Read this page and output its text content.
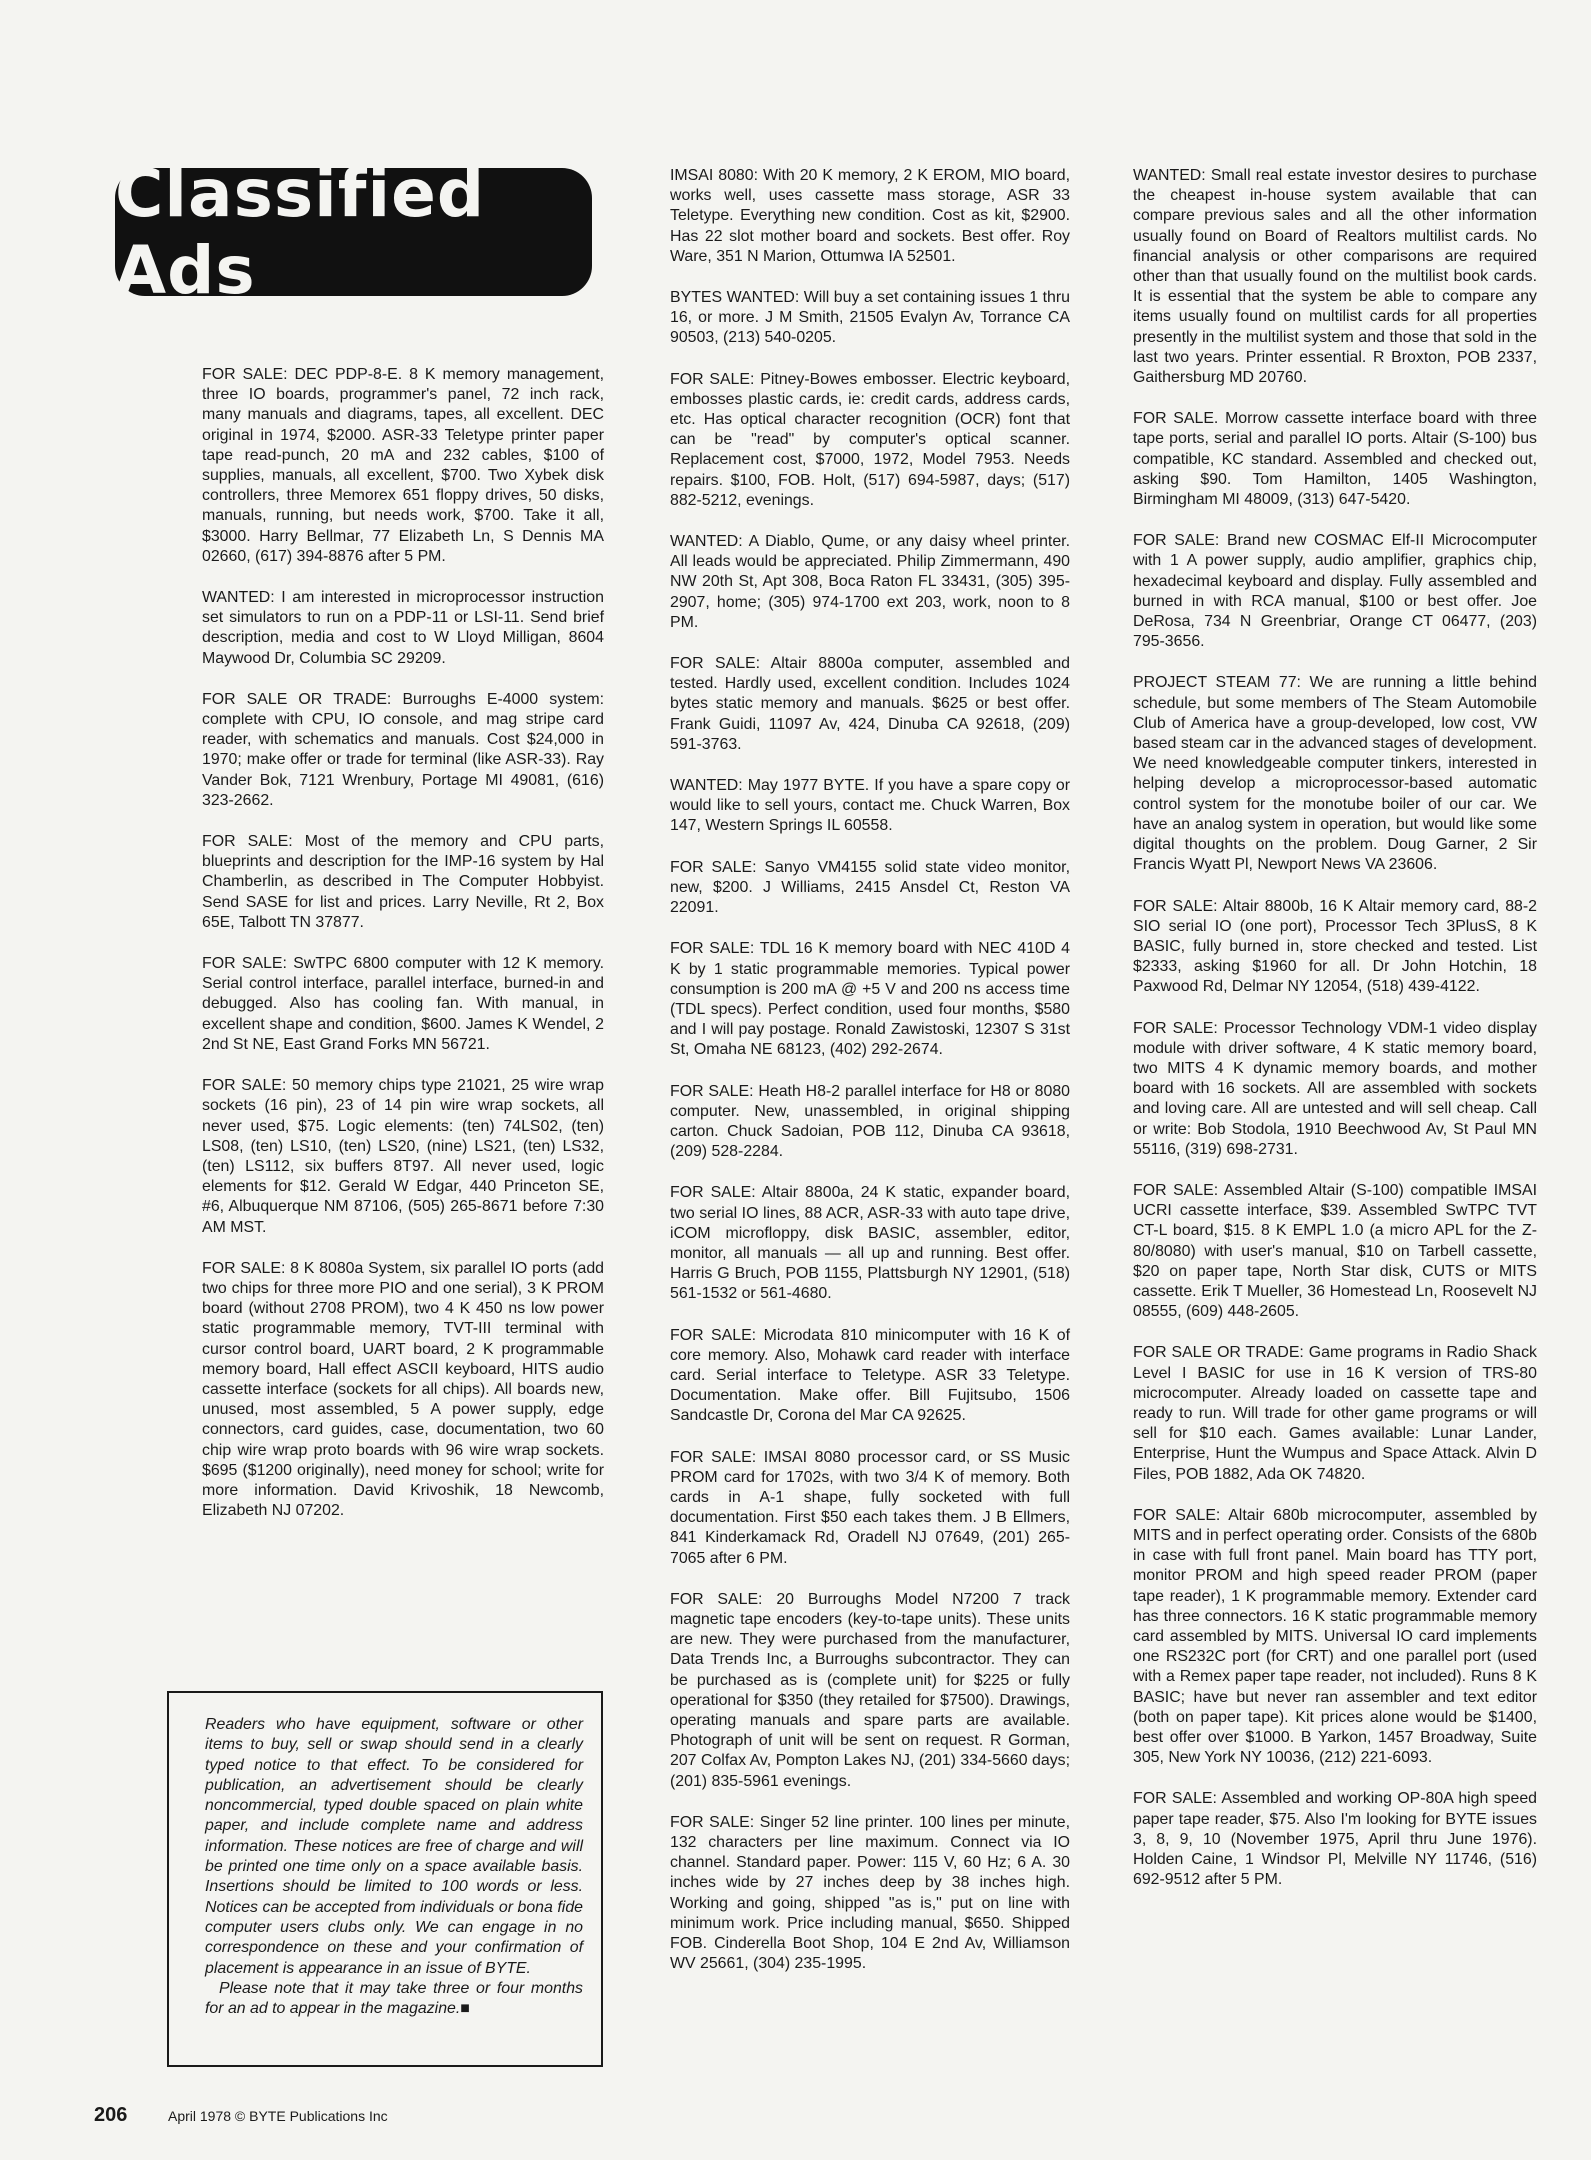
Classified Ads

FOR SALE: DEC PDP-8-E. 8 K memory management, three IO boards, programmer's panel, 72 inch rack, many manuals and diagrams, tapes, all excellent. DEC original in 1974, $2000. ASR-33 Teletype printer paper tape read-punch, 20 mA and 232 cables, $100 of supplies, manuals, all excellent, $700. Two Xybek disk controllers, three Memorex 651 floppy drives, 50 disks, manuals, running, but needs work, $700. Take it all, $3000. Harry Bellmar, 77 Elizabeth Ln, S Dennis MA 02660, (617) 394-8876 after 5 PM.

WANTED: I am interested in microprocessor instruction set simulators to run on a PDP-11 or LSI-11. Send brief description, media and cost to W Lloyd Milligan, 8604 Maywood Dr, Columbia SC 29209.

FOR SALE OR TRADE: Burroughs E-4000 system: complete with CPU, IO console, and mag stripe card reader, with schematics and manuals. Cost $24,000 in 1970; make offer or trade for terminal (like ASR-33). Ray Vander Bok, 7121 Wrenbury, Portage MI 49081, (616) 323-2662.

FOR SALE: Most of the memory and CPU parts, blueprints and description for the IMP-16 system by Hal Chamberlin, as described in The Computer Hobbyist. Send SASE for list and prices. Larry Neville, Rt 2, Box 65E, Talbott TN 37877.

FOR SALE: SwTPC 6800 computer with 12 K memory. Serial control interface, parallel interface, burned-in and debugged. Also has cooling fan. With manual, in excellent shape and condition, $600. James K Wendel, 2 2nd St NE, East Grand Forks MN 56721.

FOR SALE: 50 memory chips type 21021, 25 wire wrap sockets (16 pin), 23 of 14 pin wire wrap sockets, all never used, $75. Logic elements: (ten) 74LS02, (ten) LS08, (ten) LS10, (ten) LS20, (nine) LS21, (ten) LS32, (ten) LS112, six buffers 8T97. All never used, logic elements for $12. Gerald W Edgar, 440 Princeton SE, #6, Albuquerque NM 87106, (505) 265-8671 before 7:30 AM MST.

FOR SALE: 8 K 8080a System, six parallel IO ports (add two chips for three more PIO and one serial), 3 K PROM board (without 2708 PROM), two 4 K 450 ns low power static programmable memory, TVT-III terminal with cursor control board, UART board, 2 K programmable memory board, Hall effect ASCII keyboard, HITS audio cassette interface (sockets for all chips). All boards new, unused, most assembled, 5 A power supply, edge connectors, card guides, case, documentation, two 60 chip wire wrap proto boards with 96 wire wrap sockets. $695 ($1200 originally), need money for school; write for more information. David Krivoshik, 18 Newcomb, Elizabeth NJ 07202.

IMSAI 8080: With 20 K memory, 2 K EROM, MIO board, works well, uses cassette mass storage, ASR 33 Teletype. Everything new condition. Cost as kit, $2900. Has 22 slot mother board and sockets. Best offer. Roy Ware, 351 N Marion, Ottumwa IA 52501.

BYTES WANTED: Will buy a set containing issues 1 thru 16, or more. J M Smith, 21505 Evalyn Av, Torrance CA 90503, (213) 540-0205.

FOR SALE: Pitney-Bowes embosser. Electric keyboard, embosses plastic cards, ie: credit cards, address cards, etc. Has optical character recognition (OCR) font that can be "read" by computer's optical scanner. Replacement cost, $7000, 1972, Model 7953. Needs repairs. $100, FOB. Holt, (517) 694-5987, days; (517) 882-5212, evenings.

WANTED: A Diablo, Qume, or any daisy wheel printer. All leads would be appreciated. Philip Zimmermann, 490 NW 20th St, Apt 308, Boca Raton FL 33431, (305) 395-2907, home; (305) 974-1700 ext 203, work, noon to 8 PM.

FOR SALE: Altair 8800a computer, assembled and tested. Hardly used, excellent condition. Includes 1024 bytes static memory and manuals. $625 or best offer. Frank Guidi, 11097 Av, 424, Dinuba CA 92618, (209) 591-3763.

WANTED: May 1977 BYTE. If you have a spare copy or would like to sell yours, contact me. Chuck Warren, Box 147, Western Springs IL 60558.

FOR SALE: Sanyo VM4155 solid state video monitor, new, $200. J Williams, 2415 Ansdel Ct, Reston VA 22091.

FOR SALE: TDL 16 K memory board with NEC 410D 4 K by 1 static programmable memories. Typical power consumption is 200 mA @ +5 V and 200 ns access time (TDL specs). Perfect condition, used four months, $580 and I will pay postage. Ronald Zawistoski, 12307 S 31st St, Omaha NE 68123, (402) 292-2674.

FOR SALE: Heath H8-2 parallel interface for H8 or 8080 computer. New, unassembled, in original shipping carton. Chuck Sadoian, POB 112, Dinuba CA 93618, (209) 528-2284.

FOR SALE: Altair 8800a, 24 K static, expander board, two serial IO lines, 88 ACR, ASR-33 with auto tape drive, iCOM microfloppy, disk BASIC, assembler, editor, monitor, all manuals — all up and running. Best offer. Harris G Bruch, POB 1155, Plattsburgh NY 12901, (518) 561-1532 or 561-4680.

FOR SALE: Microdata 810 minicomputer with 16 K of core memory. Also, Mohawk card reader with interface card. Serial interface to Teletype. ASR 33 Teletype. Documentation. Make offer. Bill Fujitsubo, 1506 Sandcastle Dr, Corona del Mar CA 92625.

FOR SALE: IMSAI 8080 processor card, or SS Music PROM card for 1702s, with two 3/4 K of memory. Both cards in A-1 shape, fully socketed with full documentation. First $50 each takes them. J B Ellmers, 841 Kinderkamack Rd, Oradell NJ 07649, (201) 265-7065 after 6 PM.

FOR SALE: 20 Burroughs Model N7200 7 track magnetic tape encoders (key-to-tape units). These units are new. They were purchased from the manufacturer, Data Trends Inc, a Burroughs subcontractor. They can be purchased as is (complete unit) for $225 or fully operational for $350 (they retailed for $7500). Drawings, operating manuals and spare parts are available. Photograph of unit will be sent on request. R Gorman, 207 Colfax Av, Pompton Lakes NJ, (201) 334-5660 days; (201) 835-5961 evenings.

FOR SALE: Singer 52 line printer. 100 lines per minute, 132 characters per line maximum. Connect via IO channel. Standard paper. Power: 115 V, 60 Hz; 6 A. 30 inches wide by 27 inches deep by 38 inches high. Working and going, shipped "as is," put on line with minimum work. Price including manual, $650. Shipped FOB. Cinderella Boot Shop, 104 E 2nd Av, Williamson WV 25661, (304) 235-1995.

WANTED: Small real estate investor desires to purchase the cheapest in-house system available that can compare previous sales and all the other information usually found on Board of Realtors multilist cards. No financial analysis or other comparisons are required other than that usually found on the multilist book cards. It is essential that the system be able to compare any items usually found on multilist cards for all properties presently in the multilist system and those that sold in the last two years. Printer essential. R Broxton, POB 2337, Gaithersburg MD 20760.

FOR SALE. Morrow cassette interface board with three tape ports, serial and parallel IO ports. Altair (S-100) bus compatible, KC standard. Assembled and checked out, asking $90. Tom Hamilton, 1405 Washington, Birmingham MI 48009, (313) 647-5420.

FOR SALE: Brand new COSMAC Elf-II Microcomputer with 1 A power supply, audio amplifier, graphics chip, hexadecimal keyboard and display. Fully assembled and burned in with RCA manual, $100 or best offer. Joe DeRosa, 734 N Greenbriar, Orange CT 06477, (203) 795-3656.

PROJECT STEAM 77: We are running a little behind schedule, but some members of The Steam Automobile Club of America have a group-developed, low cost, VW based steam car in the advanced stages of development. We need knowledgeable computer tinkers, interested in helping develop a microprocessor-based automatic control system for the monotube boiler of our car. We have an analog system in operation, but would like some digital thoughts on the problem. Doug Garner, 2 Sir Francis Wyatt Pl, Newport News VA 23606.

FOR SALE: Altair 8800b, 16 K Altair memory card, 88-2 SIO serial IO (one port), Processor Tech 3PlusS, 8 K BASIC, fully burned in, store checked and tested. List $2333, asking $1960 for all. Dr John Hotchin, 18 Paxwood Rd, Delmar NY 12054, (518) 439-4122.

FOR SALE: Processor Technology VDM-1 video display module with driver software, 4 K static memory board, two MITS 4 K dynamic memory boards, and mother board with 16 sockets. All are assembled with sockets and loving care. All are untested and will sell cheap. Call or write: Bob Stodola, 1910 Beechwood Av, St Paul MN 55116, (319) 698-2731.

FOR SALE: Assembled Altair (S-100) compatible IMSAI UCRI cassette interface, $39. Assembled SwTPC TVT CT-L board, $15. 8 K EMPL 1.0 (a micro APL for the Z-80/8080) with user's manual, $10 on Tarbell cassette, $20 on paper tape, North Star disk, CUTS or MITS cassette. Erik T Mueller, 36 Homestead Ln, Roosevelt NJ 08555, (609) 448-2605.

FOR SALE OR TRADE: Game programs in Radio Shack Level I BASIC for use in 16 K version of TRS-80 microcomputer. Already loaded on cassette tape and ready to run. Will trade for other game programs or will sell for $10 each. Games available: Lunar Lander, Enterprise, Hunt the Wumpus and Space Attack. Alvin D Files, POB 1882, Ada OK 74820.

FOR SALE: Altair 680b microcomputer, assembled by MITS and in perfect operating order. Consists of the 680b in case with full front panel. Main board has TTY port, monitor PROM and high speed reader PROM (paper tape reader), 1 K programmable memory. Extender card has three connectors. 16 K static programmable memory card assembled by MITS. Universal IO card implements one RS232C port (for CRT) and one parallel port (used with a Remex paper tape reader, not included). Runs 8 K BASIC; have but never ran assembler and text editor (both on paper tape). Kit prices alone would be $1400, best offer over $1000. B Yarkon, 1457 Broadway, Suite 305, New York NY 10036, (212) 221-6093.

FOR SALE: Assembled and working OP-80A high speed paper tape reader, $75. Also I'm looking for BYTE issues 3, 8, 9, 10 (November 1975, April thru June 1976). Holden Caine, 1 Windsor Pl, Melville NY 11746, (516) 692-9512 after 5 PM.

Readers who have equipment, software or other items to buy, sell or swap should send in a clearly typed notice to that effect. To be considered for publication, an advertisement should be clearly noncommercial, typed double spaced on plain white paper, and include complete name and address information. These notices are free of charge and will be printed one time only on a space available basis. Insertions should be limited to 100 words or less. Notices can be accepted from individuals or bona fide computer users clubs only. We can engage in no correspondence on these and your confirmation of placement is appearance in an issue of BYTE.

Please note that it may take three or four months for an ad to appear in the magazine.■

206	April 1978 © BYTE Publications Inc
